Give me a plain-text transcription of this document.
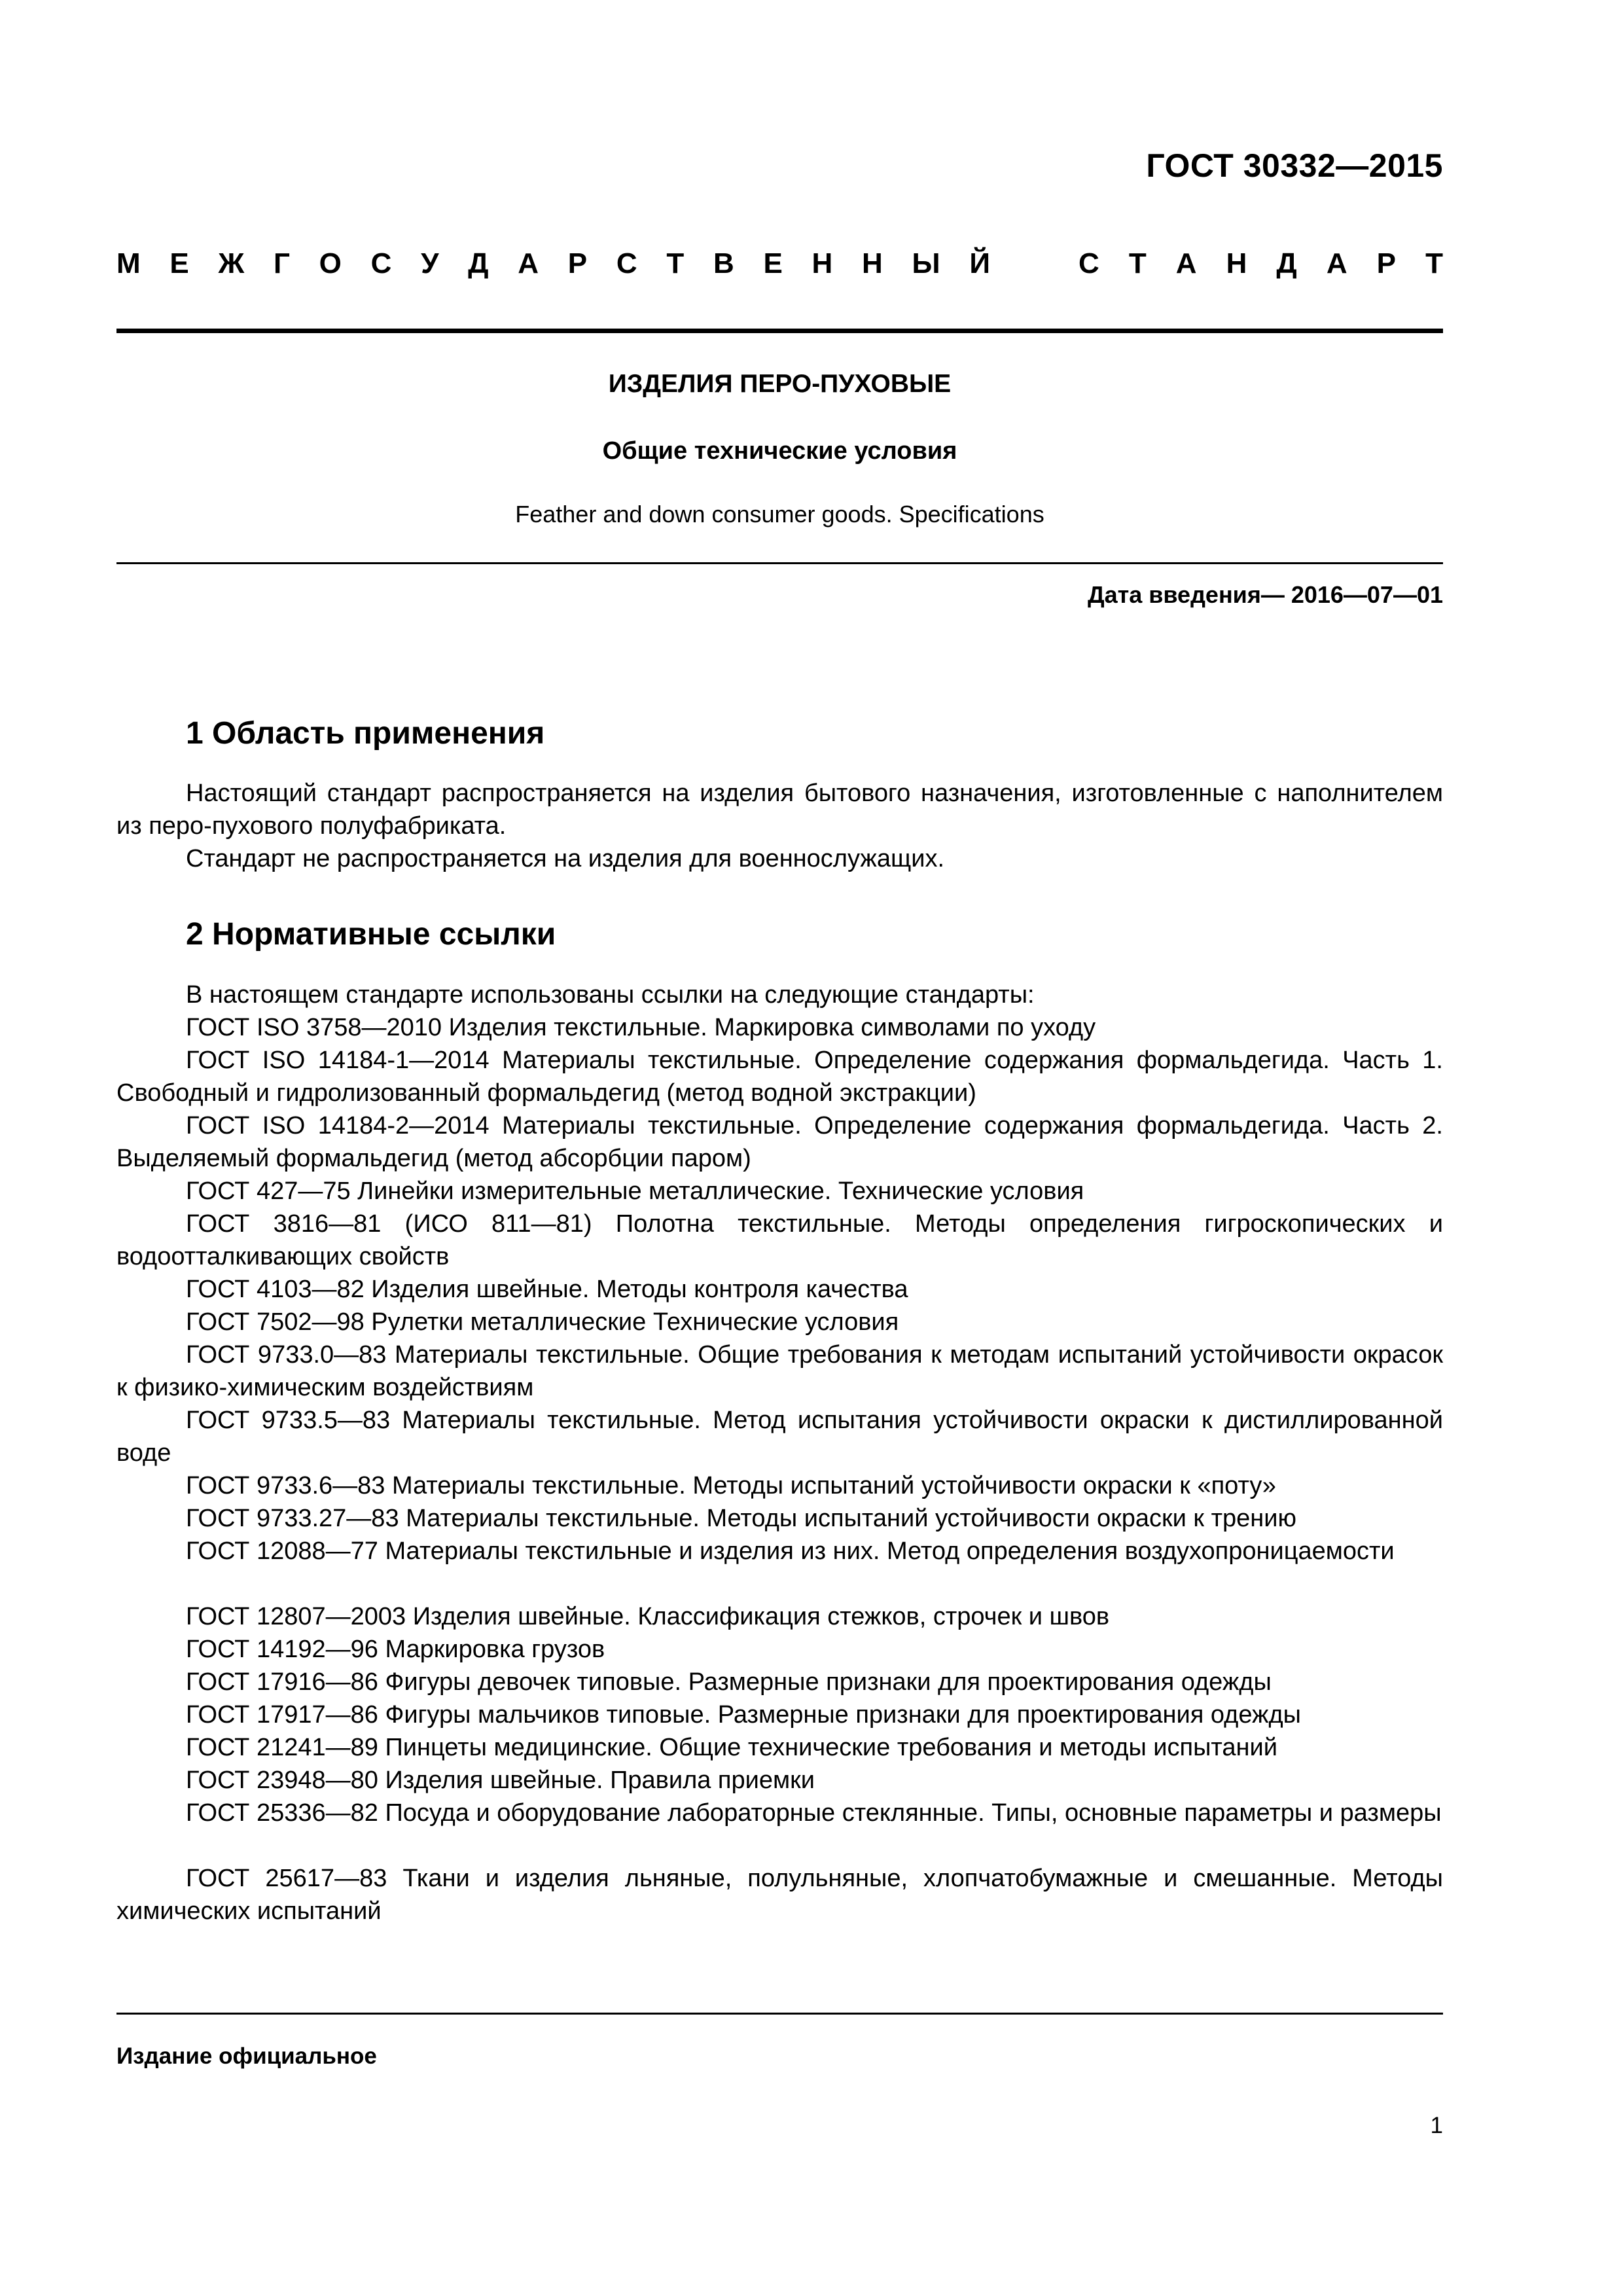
ГОСТ 30332—2015
М Е Ж Г О С У Д А Р С Т В Е Н Н Ы Й	С Т А Н Д А Р Т
ИЗДЕЛИЯ ПЕРО-ПУХОВЫЕ
Общие технические условия
Feather and down consumer goods. Specifications
Дата введения— 2016—07—01
1 Область применения

Настоящий стандарт распространяется на изделия бытового назначения, изготовленные с наполнителем из перо-пухового полуфабриката.

Стандарт не распространяется на изделия для военнослужащих.

2 Нормативные ссылки

В настоящем стандарте использованы ссылки на следующие стандарты:

ГОСТ ISO 3758—2010 Изделия текстильные. Маркировка символами по уходу

ГОСТ ISO 14184-1—2014 Материалы текстильные. Определение содержания формальдегида. Часть 1. Свободный и гидролизованный формальдегид (метод водной экстракции)

ГОСТ ISO 14184-2—2014 Материалы текстильные. Определение содержания формальдегида. Часть 2. Выделяемый формальдегид (метод абсорбции паром)

ГОСТ 427—75 Линейки измерительные металлические. Технические условия

ГОСТ 3816—81 (ИСО 811—81) Полотна текстильные. Методы определения гигроскопических и водоотталкивающих свойств

ГОСТ 4103—82 Изделия швейные. Методы контроля качества

ГОСТ 7502—98 Рулетки металлические Технические условия

ГОСТ 9733.0—83 Материалы текстильные. Общие требования к методам испытаний устойчивости окрасок к физико-химическим воздействиям

ГОСТ 9733.5—83 Материалы текстильные. Метод испытания устойчивости окраски к дистиллированной воде

ГОСТ 9733.6—83 Материалы текстильные. Методы испытаний устойчивости окраски к «поту»

ГОСТ 9733.27—83 Материалы текстильные. Методы испытаний устойчивости окраски к трению

ГОСТ 12088—77 Материалы текстильные и изделия из них. Метод определения воздухопроницаемости

ГОСТ 12807—2003 Изделия швейные. Классификация стежков, строчек и швов

ГОСТ 14192—96 Маркировка грузов

ГОСТ 17916—86 Фигуры девочек типовые. Размерные признаки для проектирования одежды

ГОСТ 17917—86 Фигуры мальчиков типовые. Размерные признаки для проектирования одежды

ГОСТ 21241—89 Пинцеты медицинские. Общие технические требования и методы испытаний

ГОСТ 23948—80 Изделия швейные. Правила приемки

ГОСТ 25336—82 Посуда и оборудование лабораторные стеклянные. Типы, основные параметры и размеры

ГОСТ 25617—83 Ткани и изделия льняные, полульняные, хлопчатобумажные и смешанные. Методы химических испытаний

Издание официальное
1
